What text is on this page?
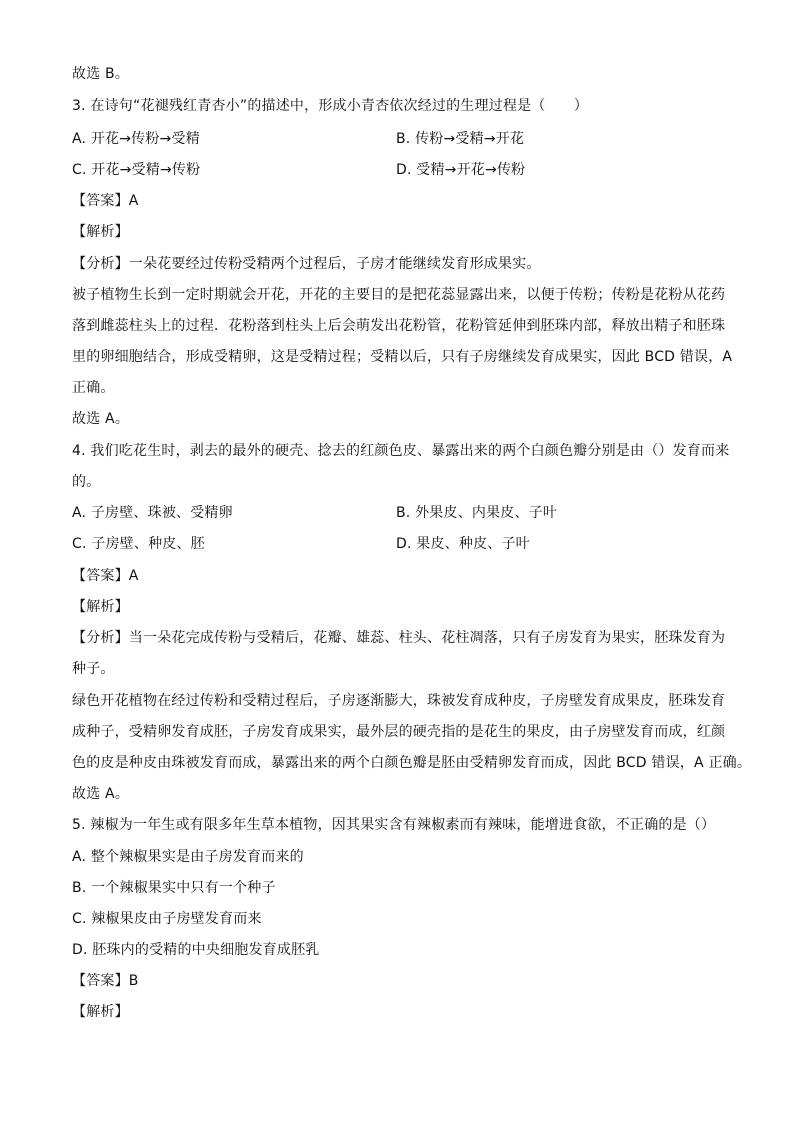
故选 B。
3. 在诗句“花褪残红青杏小”的描述中，形成小青杏依次经过的生理过程是（　　）
A. 开花→传粉→受精	B. 传粉→受精→开花
C. 开花→受精→传粉	D. 受精→开花→传粉
【答案】A
【解析】
【分析】一朵花要经过传粉受精两个过程后，子房才能继续发育形成果实。
被子植物生长到一定时期就会开花，开花的主要目的是把花蕊显露出来，以便于传粉；传粉是花粉从花药
落到雌蕊柱头上的过程．花粉落到柱头上后会萌发出花粉管，花粉管延伸到胚珠内部，释放出精子和胚珠
里的卵细胞结合，形成受精卵，这是受精过程；受精以后，只有子房继续发育成果实，因此 BCD 错误，A
正确。
故选 A。
4. 我们吃花生时，剥去的最外的硬壳、捻去的红颜色皮、暴露出来的两个白颜色瓣分别是由（）发育而来
的。
A. 子房壁、珠被、受精卵	B. 外果皮、内果皮、子叶
C. 子房壁、种皮、胚	D. 果皮、种皮、子叶
【答案】A
【解析】
【分析】当一朵花完成传粉与受精后，花瓣、雄蕊、柱头、花柱凋落，只有子房发育为果实，胚珠发育为
种子。
绿色开花植物在经过传粉和受精过程后，子房逐渐膨大，珠被发育成种皮，子房壁发育成果皮，胚珠发育
成种子，受精卵发育成胚，子房发育成果实，最外层的硬壳指的是花生的果皮，由子房壁发育而成，红颜
色的皮是种皮由珠被发育而成，暴露出来的两个白颜色瓣是胚由受精卵发育而成，因此 BCD 错误，A 正确。
故选 A。
5. 辣椒为一年生或有限多年生草本植物，因其果实含有辣椒素而有辣味，能增进食欲，不正确的是（）
A. 整个辣椒果实是由子房发育而来的
B. 一个辣椒果实中只有一个种子
C. 辣椒果皮由子房壁发育而来
D. 胚珠内的受精的中央细胞发育成胚乳
【答案】B
【解析】
